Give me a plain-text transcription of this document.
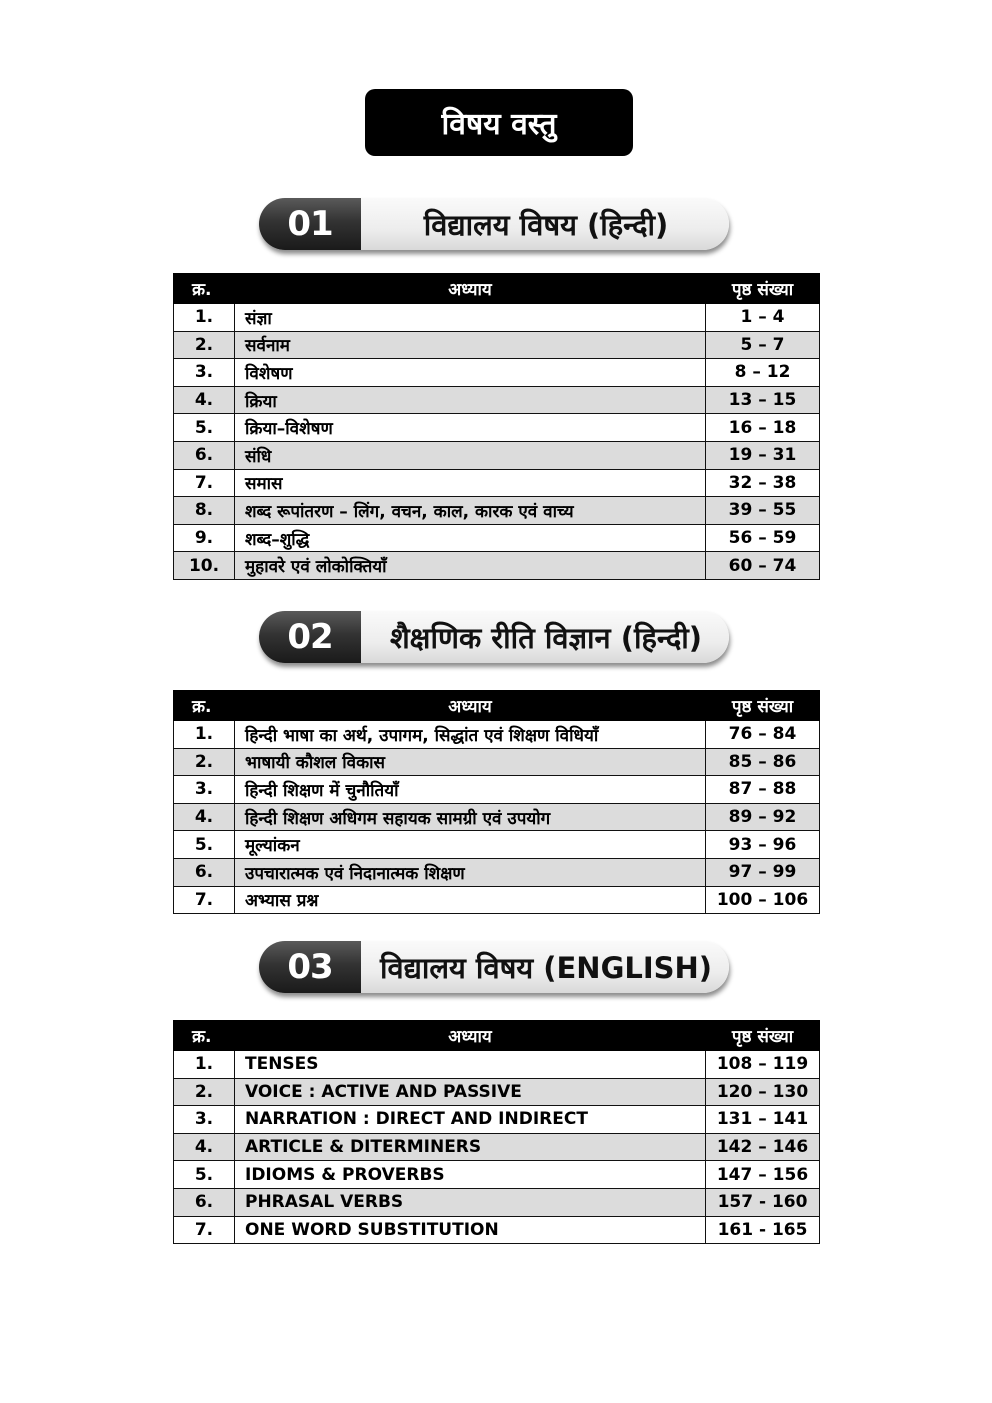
विषय वस्तु
01	विद्यालय विषय (हिन्दी)
क्र.	अध्याय	पृष्ठ संख्या
1.	संज्ञा	1 – 4
2.	सर्वनाम	5 – 7
3.	विशेषण	8 – 12
4.	क्रिया	13 – 15
5.	क्रिया–विशेषण	16 – 18
6.	संधि	19 – 31
7.	समास	32 – 38
8.	शब्द रूपांतरण – लिंग, वचन, काल, कारक एवं वाच्य	39 – 55
9.	शब्द–शुद्धि	56 – 59
10.	मुहावरे एवं लोकोक्तियाँ	60 – 74
02	शैक्षणिक रीति विज्ञान (हिन्दी)
क्र.	अध्याय	पृष्ठ संख्या
1.	हिन्दी भाषा का अर्थ, उपागम, सिद्धांत एवं शिक्षण विधियाँ	76 – 84
2.	भाषायी कौशल विकास	85 – 86
3.	हिन्दी शिक्षण में चुनौतियाँ	87 – 88
4.	हिन्दी शिक्षण अधिगम सहायक सामग्री एवं उपयोग	89 – 92
5.	मूल्यांकन	93 – 96
6.	उपचारात्मक एवं निदानात्मक शिक्षण	97 – 99
7.	अभ्यास प्रश्न	100 – 106
03	विद्यालय विषय (ENGLISH)
क्र.	अध्याय	पृष्ठ संख्या
1.	TENSES	108 – 119
2.	VOICE : ACTIVE AND PASSIVE	120 – 130
3.	NARRATION : DIRECT AND INDIRECT	131 – 141
4.	ARTICLE & DITERMINERS	142 – 146
5.	IDIOMS & PROVERBS	147 – 156
6.	PHRASAL VERBS	157 - 160
7.	ONE WORD SUBSTITUTION	161 - 165
